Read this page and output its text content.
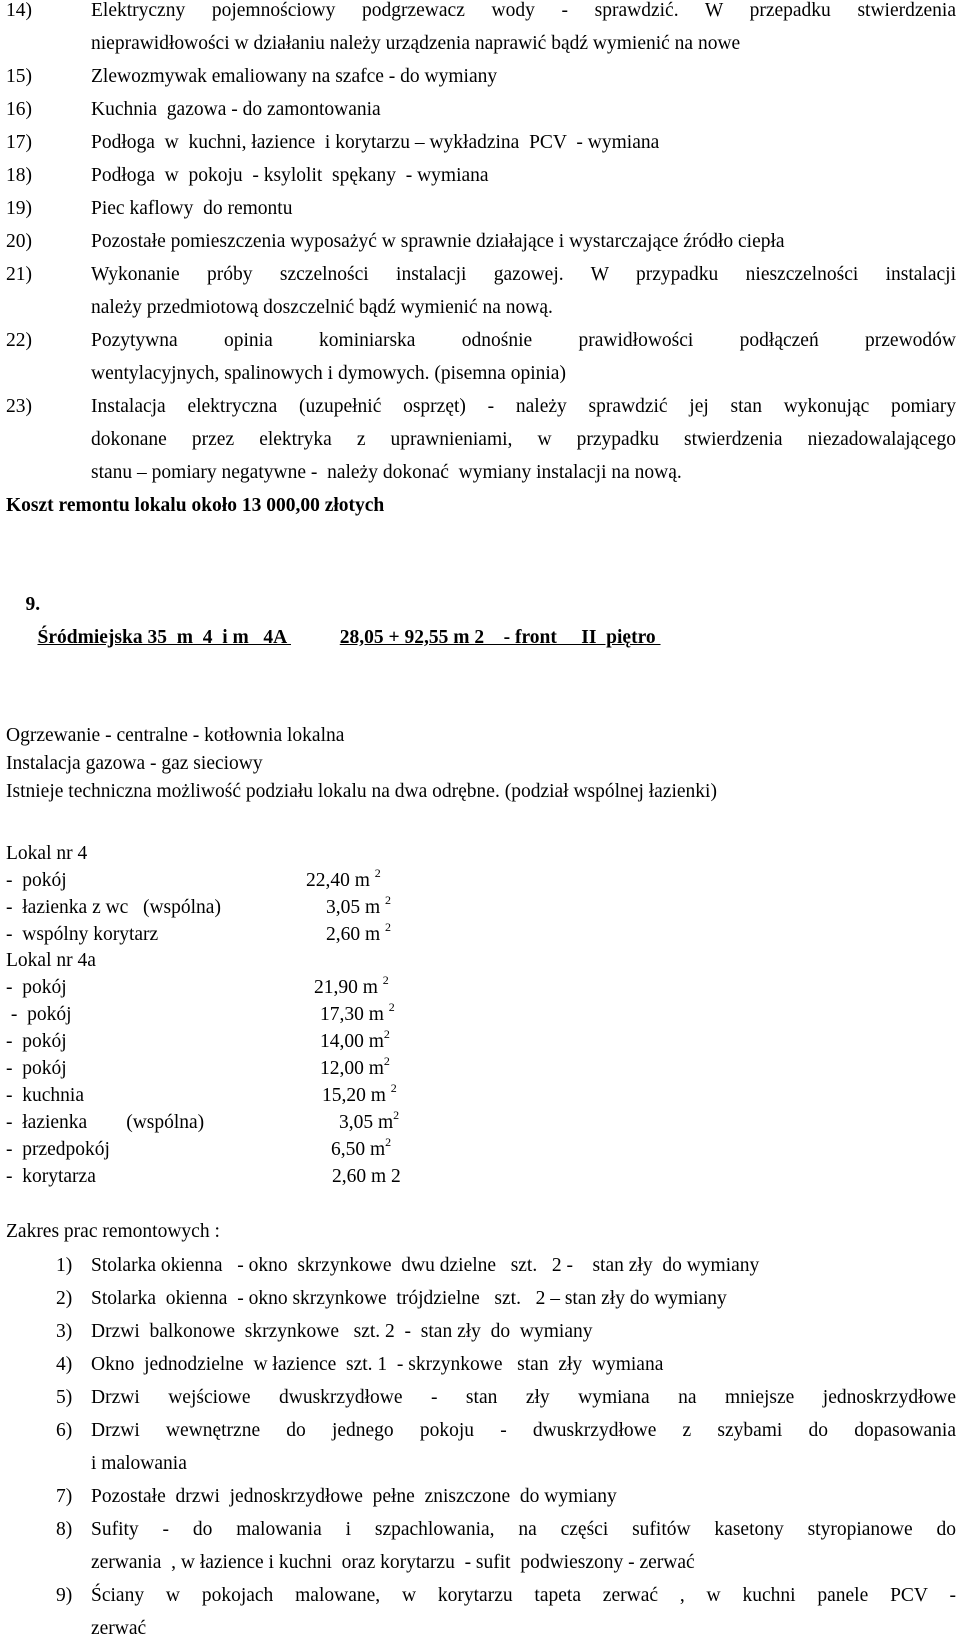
14)	Elektryczny pojemnościowy podgrzewacz wody - sprawdzić. W przepadku stwierdzenia
nieprawidłowości w działaniu należy urządzenia naprawić bądź wymienić na nowe
15)	Zlewozmywak emaliowany na szafce - do wymiany
16)	Kuchnia  gazowa - do zamontowania
17)	Podłoga  w  kuchni, łazience  i korytarzu – wykładzina  PCV  - wymiana
18)	Podłoga  w  pokoju  - ksylolit  spękany  - wymiana
19)	Piec kaflowy  do remontu
20)	Pozostałe pomieszczenia wyposażyć w sprawnie działające i wystarczające źródło ciepła
21)	Wykonanie próby szczelności instalacji gazowej. W przypadku nieszczelności instalacji
należy przedmiotową doszczelnić bądź wymienić na nową.
22)	Pozytywna opinia kominiarska odnośnie prawidłowości podłączeń przewodów
wentylacyjnych, spalinowych i dymowych. (pisemna opinia)
23)	Instalacja elektryczna (uzupełnić osprzęt) - należy sprawdzić jej stan wykonując pomiary
dokonane przez elektryka z uprawnieniami, w przypadku stwierdzenia niezadowalającego
stanu – pomiary negatywne -  należy dokonać  wymiany instalacji na nową.
Koszt remontu lokalu około 13 000,00 złotych

9.
Śródmiejska 35  m  4  i m   4A	28,05 + 92,55 m 2    - front     II  piętro

Ogrzewanie - centralne - kotłownia lokalna
Instalacja gazowa - gaz sieciowy
Istnieje techniczna możliwość podziału lokalu na dwa odrębne. (podział wspólnej łazienki)
Lokal nr 4
-  pokój	22,40 m $^2$
-  łazienka z wc   (wspólna)	3,05 m $^2$
-  wspólny korytarz	2,60 m $^2$
Lokal nr 4a
-  pokój	21,90 m $^2$
-  pokój	17,30 m $^2$
-  pokój	14,00 $m^2$
-  pokój	12,00 $m^2$
-  kuchnia	15,20 m $^2$
-  łazienka        (wspólna)	3,05 $m^2$
-  przedpokój	6,50 $m^2$
-  korytarza	2,60 m 2
Zakres prac remontowych :
1) Stolarka okienna   - okno  skrzynkowe  dwu dzielne   szt.   2 -    stan zły  do wymiany
2) Stolarka  okienna  - okno skrzynkowe  trójdzielne   szt.   2 – stan zły do wymiany
3) Drzwi  balkonowe  skrzynkowe   szt. 2  -  stan zły  do  wymiany
4) Okno  jednodzielne  w łazience  szt. 1  - skrzynkowe   stan  zły  wymiana
5) Drzwi wejściowe dwuskrzydłowe - stan zły wymiana na mniejsze jednoskrzydłowe
6) Drzwi wewnętrzne do jednego pokoju - dwuskrzydłowe z szybami do dopasowania
i malowania
7) Pozostałe  drzwi  jednoskrzydłowe  pełne  zniszczone  do wymiany
8) Sufity - do malowania i szpachlowania, na części sufitów kasetony styropianowe do
zerwania  , w łazience i kuchni  oraz korytarzu  - sufit  podwieszony - zerwać
9) Ściany w pokojach malowane, w korytarzu tapeta zerwać , w kuchni panele PCV -
zerwać
